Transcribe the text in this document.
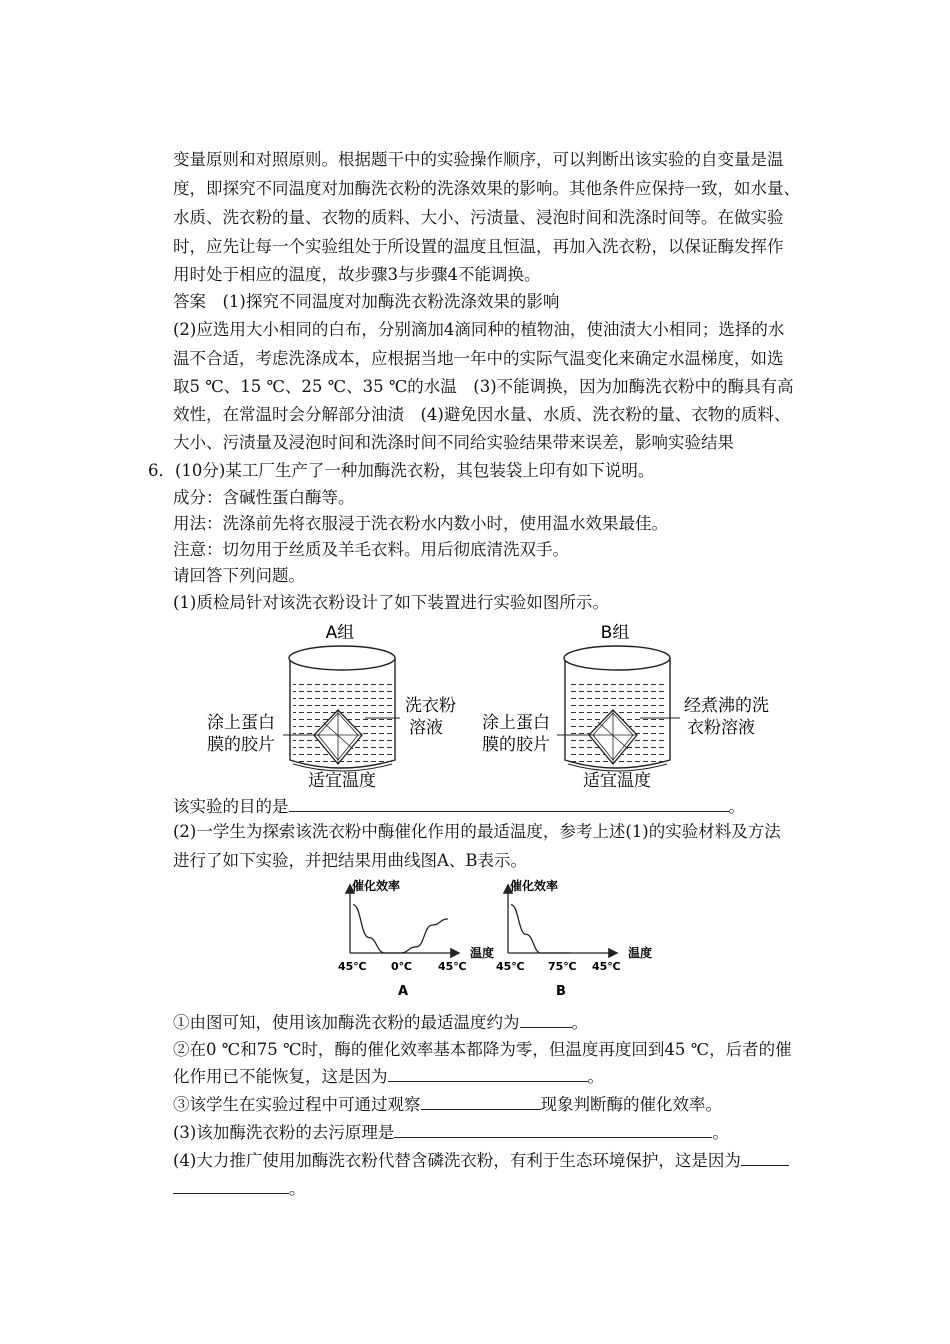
变量原则和对照原则。根据题干中的实验操作顺序，可以判断出该实验的自变量是温
度，即探究不同温度对加酶洗衣粉的洗涤效果的影响。其他条件应保持一致，如水量、
水质、洗衣粉的量、衣物的质料、大小、污渍量、浸泡时间和洗涤时间等。在做实验
时，应先让每一个实验组处于所设置的温度且恒温，再加入洗衣粉，以保证酶发挥作
用时处于相应的温度，故步骤3与步骤4不能调换。
答案　(1)探究不同温度对加酶洗衣粉洗涤效果的影响
(2)应选用大小相同的白布，分别滴加4滴同种的植物油，使油渍大小相同；选择的水
温不合适，考虑洗涤成本，应根据当地一年中的实际气温变化来确定水温梯度，如选
取5 ℃、15 ℃、25 ℃、35 ℃的水温　(3)不能调换，因为加酶洗衣粉中的酶具有高
效性，在常温时会分解部分油渍　(4)避免因水量、水质、洗衣粉的量、衣物的质料、
大小、污渍量及浸泡时间和洗涤时间不同给实验结果带来误差，影响实验结果
6．(10分)某工厂生产了一种加酶洗衣粉，其包装袋上印有如下说明。
成分：含碱性蛋白酶等。
用法：洗涤前先将衣服浸于洗衣粉水内数小时，使用温水效果最佳。
注意：切勿用于丝质及羊毛衣料。用后彻底清洗双手。
请回答下列问题。
(1)质检局针对该洗衣粉设计了如下装置进行实验如图所示。
A组
涂上蛋白
膜的胶片
洗衣粉
溶液
适宜温度
B组
涂上蛋白
膜的胶片
经煮沸的洗
衣粉溶液
适宜温度
该实验的目的是	。
(2)一学生为探索该洗衣粉中酶催化作用的最适温度，参考上述(1)的实验材料及方法
进行了如下实验，并把结果用曲线图A、B表示。
催化效率
温度
45℃ 0℃ 45℃
A
催化效率
温度
45℃ 75℃ 45℃
B
①由图可知，使用该加酶洗衣粉的最适温度约为	。
②在0 ℃和75 ℃时，酶的催化效率基本都降为零，但温度再度回到45 ℃，后者的催
化作用已不能恢复，这是因为	。
③该学生在实验过程中可通过观察	现象判断酶的催化效率。
(3)该加酶洗衣粉的去污原理是	。
(4)大力推广使用加酶洗衣粉代替含磷洗衣粉，有利于生态环境保护，这是因为
。
